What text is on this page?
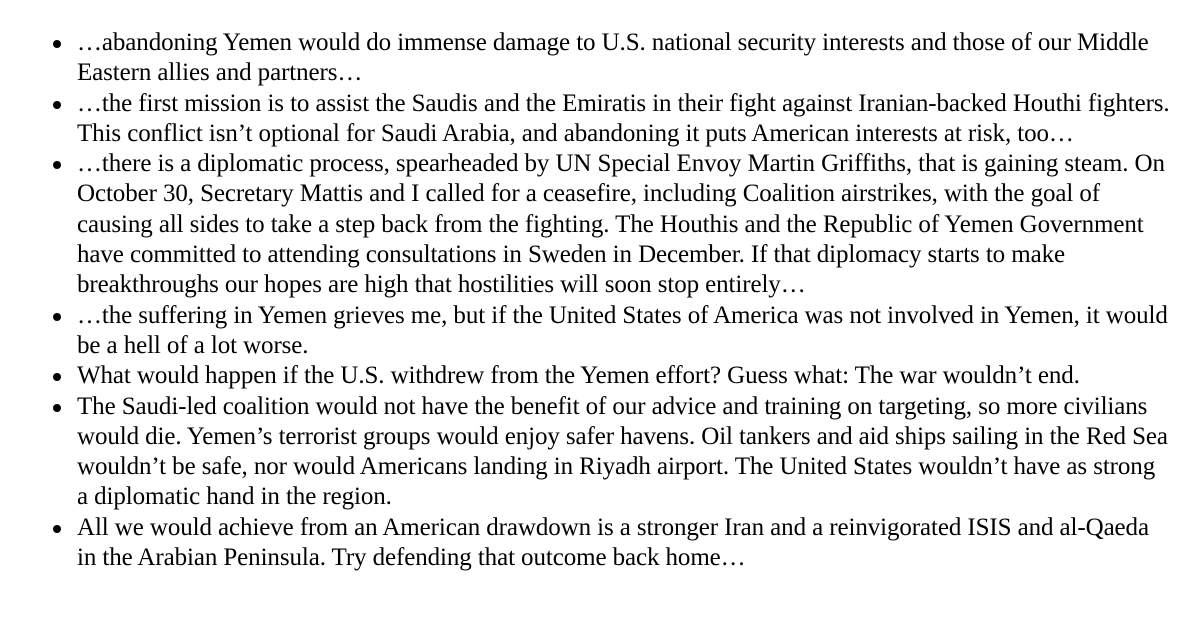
…abandoning Yemen would do immense damage to U.S. national security interests and those of our Middle Eastern allies and partners…
…the first mission is to assist the Saudis and the Emiratis in their fight against Iranian-backed Houthi fighters. This conflict isn’t optional for Saudi Arabia, and abandoning it puts American interests at risk, too…
…there is a diplomatic process, spearheaded by UN Special Envoy Martin Griffiths, that is gaining steam. On October 30, Secretary Mattis and I called for a ceasefire, including Coalition airstrikes, with the goal of causing all sides to take a step back from the fighting. The Houthis and the Republic of Yemen Government have committed to attending consultations in Sweden in December. If that diplomacy starts to make breakthroughs our hopes are high that hostilities will soon stop entirely…
…the suffering in Yemen grieves me, but if the United States of America was not involved in Yemen, it would be a hell of a lot worse.
What would happen if the U.S. withdrew from the Yemen effort? Guess what: The war wouldn’t end.
The Saudi-led coalition would not have the benefit of our advice and training on targeting, so more civilians would die. Yemen’s terrorist groups would enjoy safer havens. Oil tankers and aid ships sailing in the Red Sea wouldn’t be safe, nor would Americans landing in Riyadh airport. The United States wouldn’t have as strong a diplomatic hand in the region.
All we would achieve from an American drawdown is a stronger Iran and a reinvigorated ISIS and al-Qaeda in the Arabian Peninsula. Try defending that outcome back home…
